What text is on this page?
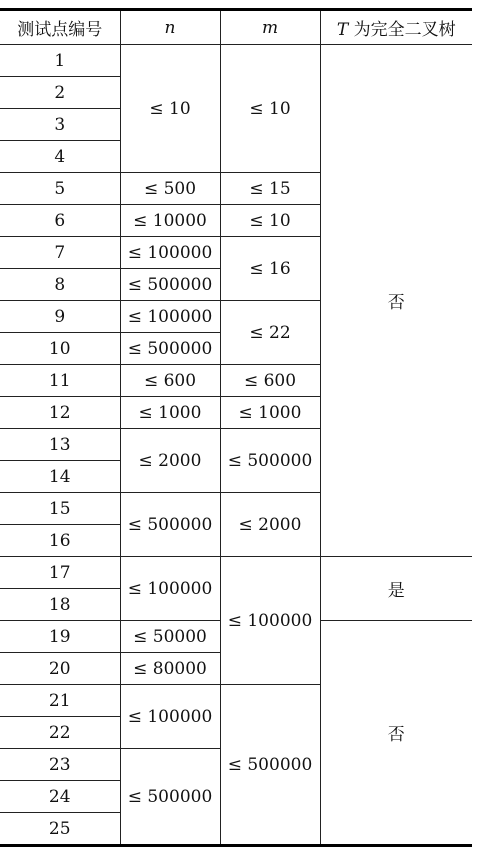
测试点编号	n	m	T 为完全二叉树
1	≤ 10	≤ 10	否
2			
3			
4			
5	≤ 500	≤ 15	
6	≤ 10000	≤ 10	
7	≤ 100000	≤ 16	
8	≤ 500000		
9	≤ 100000	≤ 22	
10	≤ 500000		
11	≤ 600	≤ 600	
12	≤ 1000	≤ 1000	
13	≤ 2000	≤ 500000	
14			
15	≤ 500000	≤ 2000	
16			
17	≤ 100000	≤ 100000	是
18			
19	≤ 50000		否
20	≤ 80000		
21	≤ 100000	≤ 500000	
22			
23	≤ 500000		
24			
25			
